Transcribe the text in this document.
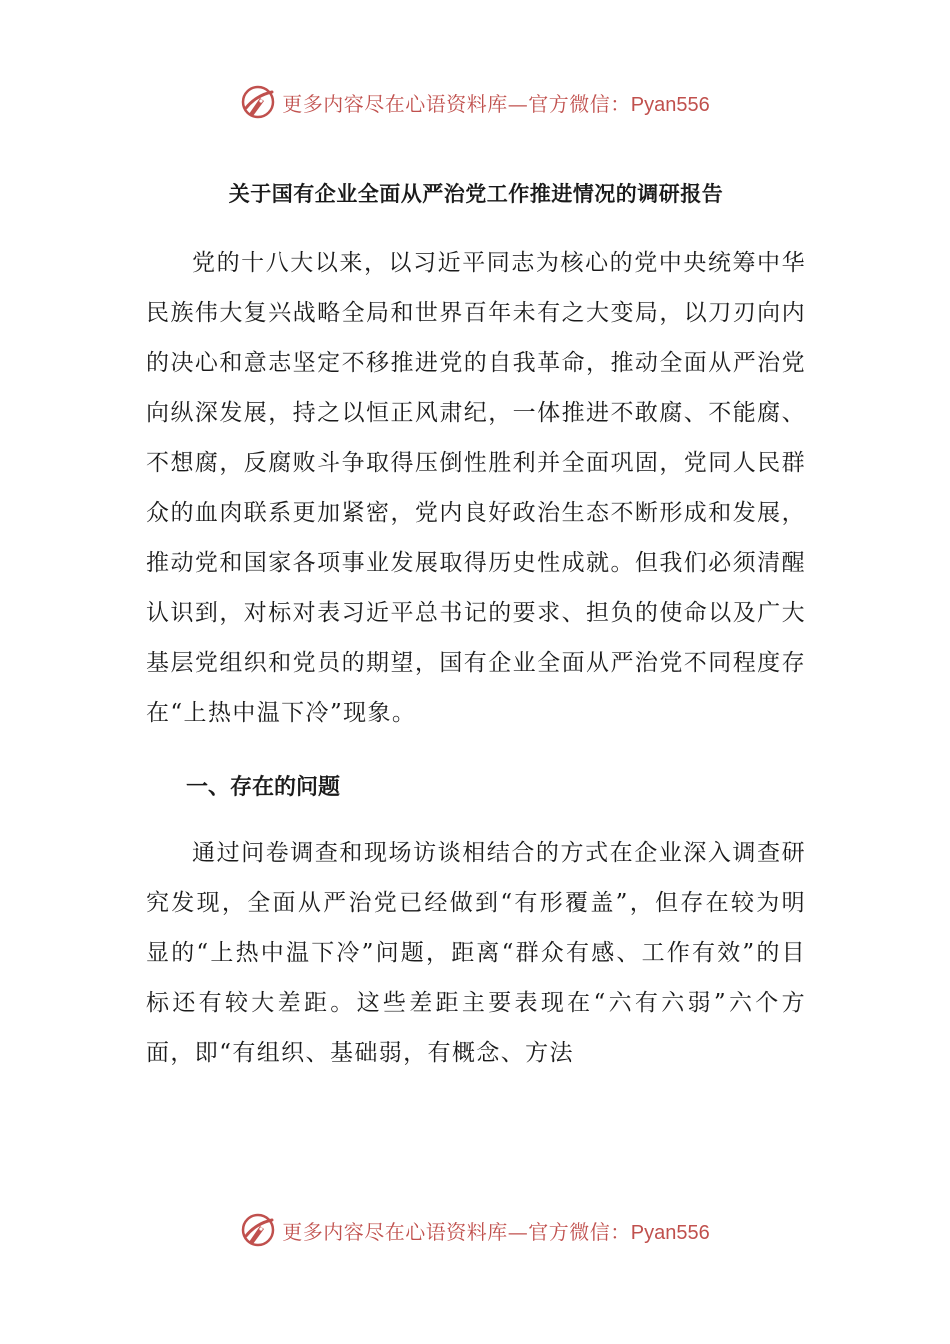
更多内容尽在心语资料库—官方微信：Pyan556
关于国有企业全面从严治党工作推进情况的调研报告

党的十八大以来，以习近平同志为核心的党中央统筹中华民族伟大复兴战略全局和世界百年未有之大变局，以刀刃向内的决心和意志坚定不移推进党的自我革命，推动全面从严治党向纵深发展，持之以恒正风肃纪，一体推进不敢腐、不能腐、不想腐，反腐败斗争取得压倒性胜利并全面巩固，党同人民群众的血肉联系更加紧密，党内良好政治生态不断形成和发展，推动党和国家各项事业发展取得历史性成就。但我们必须清醒认识到，对标对表习近平总书记的要求、担负的使命以及广大基层党组织和党员的期望，国有企业全面从严治党不同程度存在“上热中温下冷”现象。

一、存在的问题

通过问卷调查和现场访谈相结合的方式在企业深入调查研究发现，全面从严治党已经做到“有形覆盖”，但存在较为明显的“上热中温下冷”问题，距离“群众有感、工作有效”的目标还有较大差距。这些差距主要表现在“六有六弱”六个方面，即“有组织、基础弱，有概念、方法

更多内容尽在心语资料库—官方微信：Pyan556
